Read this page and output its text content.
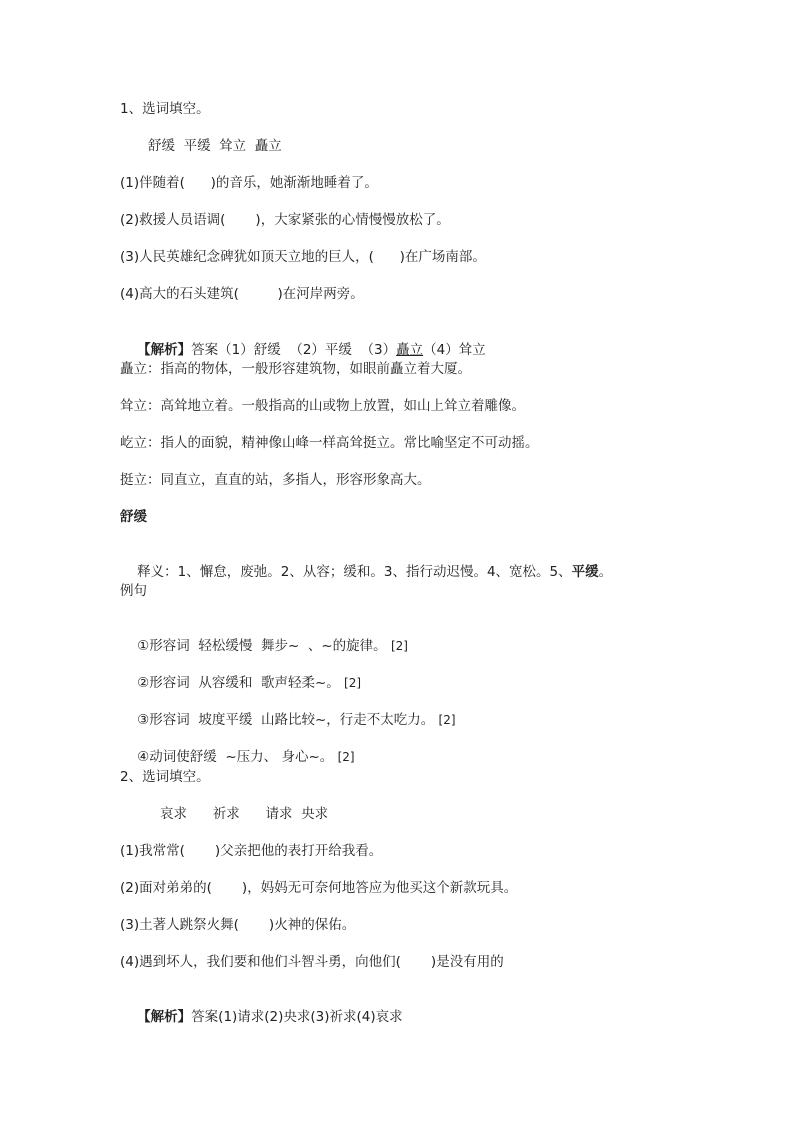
1、选词填空。
舒缓  平缓  耸立  矗立
(1)伴随着(      )的音乐，她渐渐地睡着了。
(2)救援人员语调(       )，大家紧张的心情慢慢放松了。
(3)人民英雄纪念碑犹如顶天立地的巨人，(      )在广场南部。
(4)高大的石头建筑(         )在河岸两旁。

【解析】答案（1）舒缓  （2）平缓  （3）矗立（4）耸立

矗立：指高的物体，一般形容建筑物，如眼前矗立着大厦。
耸立：高耸地立着。一般指高的山或物上放置，如山上耸立着雕像。
屹立：指人的面貌，精神像山峰一样高耸挺立。常比喻坚定不可动摇。
挺立：同直立，直直的站，多指人，形容形象高大。
舒缓

释义：1、懈怠，废弛。2、从容；缓和。3、指行动迟慢。4、宽松。5、平缓。

例句

①形容词  轻松缓慢  舞步~  、~的旋律。 [2]

②形容词  从容缓和  歌声轻柔~。 [2]

③形容词  坡度平缓  山路比较~，行走不太吃力。 [2]

④动词使舒缓  ~压力、 身心~。 [2]

2、选词填空。
哀求      祈求      请求  央求
(1)我常常(       )父亲把他的表打开给我看。
(2)面对弟弟的(       )，妈妈无可奈何地答应为他买这个新款玩具。
(3)土著人跳祭火舞(       )火神的保佑。
(4)遇到坏人，我们要和他们斗智斗勇，向他们(       )是没有用的

【解析】答案(1)请求(2)央求(3)祈求(4)哀求
